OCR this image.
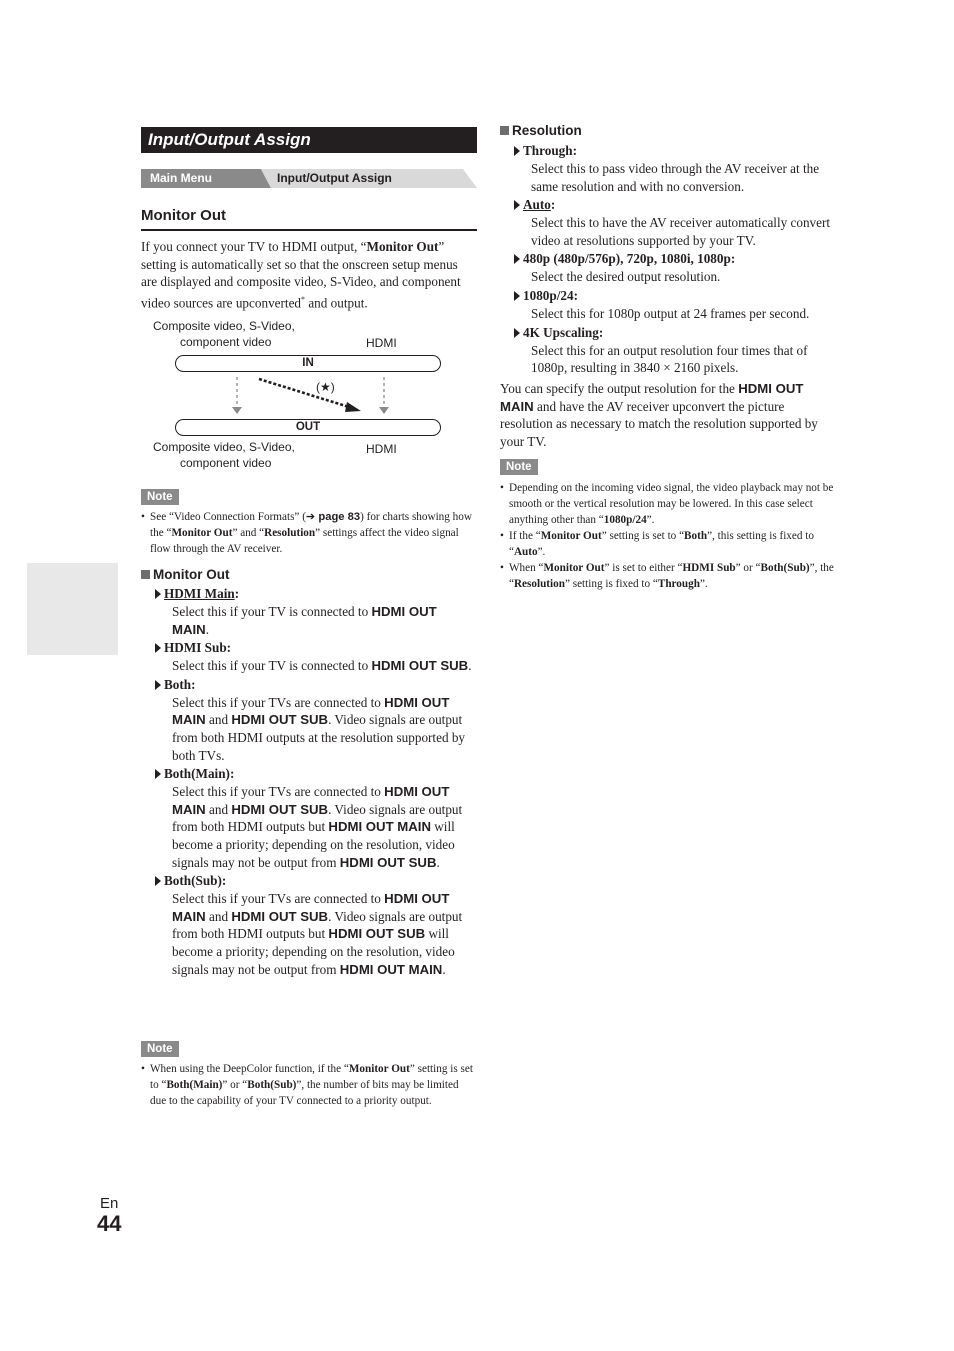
Input/Output Assign
Main Menu	Input/Output Assign
Monitor Out
If you connect your TV to HDMI output, “Monitor Out” setting is automatically set so that the onscreen setup menus are displayed and composite video, S-Video, and component video sources are upconverted* and output.
Composite video, S-Video,
component video	HDMI
IN
(★)
OUT
Composite video, S-Video,
component video
HDMI
Note
• See “Video Connection Formats” (➔ page 83) for charts showing how the “Monitor Out” and “Resolution” settings affect the video signal flow through the AV receiver.
Monitor Out
HDMI Main:
Select this if your TV is connected to HDMI OUT MAIN.
HDMI Sub:
Select this if your TV is connected to HDMI OUT SUB.
Both:
Select this if your TVs are connected to HDMI OUT MAIN and HDMI OUT SUB. Video signals are output from both HDMI outputs at the resolution supported by both TVs.
Both(Main):
Select this if your TVs are connected to HDMI OUT MAIN and HDMI OUT SUB. Video signals are output from both HDMI outputs but HDMI OUT MAIN will become a priority; depending on the resolution, video signals may not be output from HDMI OUT SUB.
Both(Sub):
Select this if your TVs are connected to HDMI OUT MAIN and HDMI OUT SUB. Video signals are output from both HDMI outputs but HDMI OUT SUB will become a priority; depending on the resolution, video signals may not be output from HDMI OUT MAIN.
Note
• When using the DeepColor function, if the “Monitor Out” setting is set to “Both(Main)” or “Both(Sub)”, the number of bits may be limited due to the capability of your TV connected to a priority output.
Resolution
Through:
Select this to pass video through the AV receiver at the same resolution and with no conversion.
Auto:
Select this to have the AV receiver automatically convert video at resolutions supported by your TV.
480p (480p/576p), 720p, 1080i, 1080p:
Select the desired output resolution.
1080p/24:
Select this for 1080p output at 24 frames per second.
4K Upscaling:
Select this for an output resolution four times that of 1080p, resulting in 3840 × 2160 pixels.
You can specify the output resolution for the HDMI OUT MAIN and have the AV receiver upconvert the picture resolution as necessary to match the resolution supported by your TV.
Note
• Depending on the incoming video signal, the video playback may not be smooth or the vertical resolution may be lowered. In this case select anything other than “1080p/24”.
• If the “Monitor Out” setting is set to “Both”, this setting is fixed to “Auto”.
• When “Monitor Out” is set to either “HDMI Sub” or “Both(Sub)”, the “Resolution” setting is fixed to “Through”.
En
44
